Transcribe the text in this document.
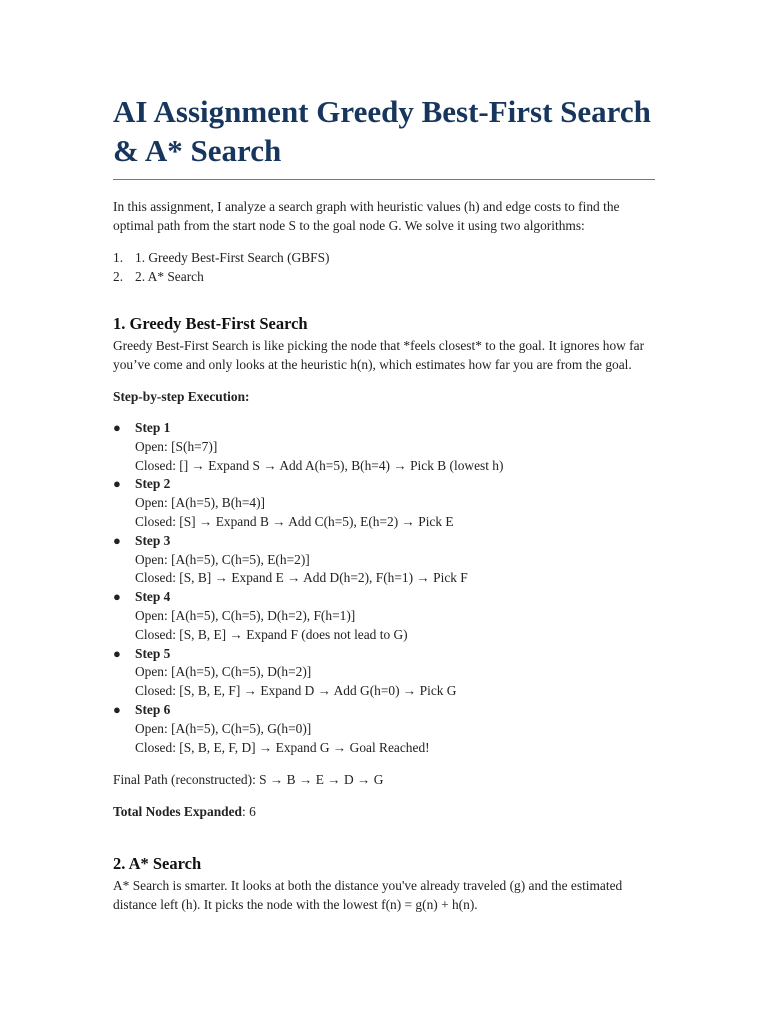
AI Assignment Greedy Best-First Search & A* Search

In this assignment, I analyze a search graph with heuristic values (h) and edge costs to find the optimal path from the start node S to the goal node G. We solve it using two algorithms:

1. 1. Greedy Best-First Search (GBFS)
2. 2. A* Search
1. Greedy Best-First Search

Greedy Best-First Search is like picking the node that *feels closest* to the goal. It ignores how far you’ve come and only looks at the heuristic h(n), which estimates how far you are from the goal.

Step-by-step Execution:

● Step 1
Open: [S(h=7)]
Closed: [] → Expand S → Add A(h=5), B(h=4) → Pick B (lowest h)
● Step 2
Open: [A(h=5), B(h=4)]
Closed: [S] → Expand B → Add C(h=5), E(h=2) → Pick E
● Step 3
Open: [A(h=5), C(h=5), E(h=2)]
Closed: [S, B] → Expand E → Add D(h=2), F(h=1) → Pick F
● Step 4
Open: [A(h=5), C(h=5), D(h=2), F(h=1)]
Closed: [S, B, E] → Expand F (does not lead to G)
● Step 5
Open: [A(h=5), C(h=5), D(h=2)]
Closed: [S, B, E, F] → Expand D → Add G(h=0) → Pick G
● Step 6
Open: [A(h=5), C(h=5), G(h=0)]
Closed: [S, B, E, F, D] → Expand G → Goal Reached!

Final Path (reconstructed): S → B → E → D → G

Total Nodes Expanded: 6

2. A* Search

A* Search is smarter. It looks at both the distance you've already traveled (g) and the estimated distance left (h). It picks the node with the lowest f(n) = g(n) + h(n).
